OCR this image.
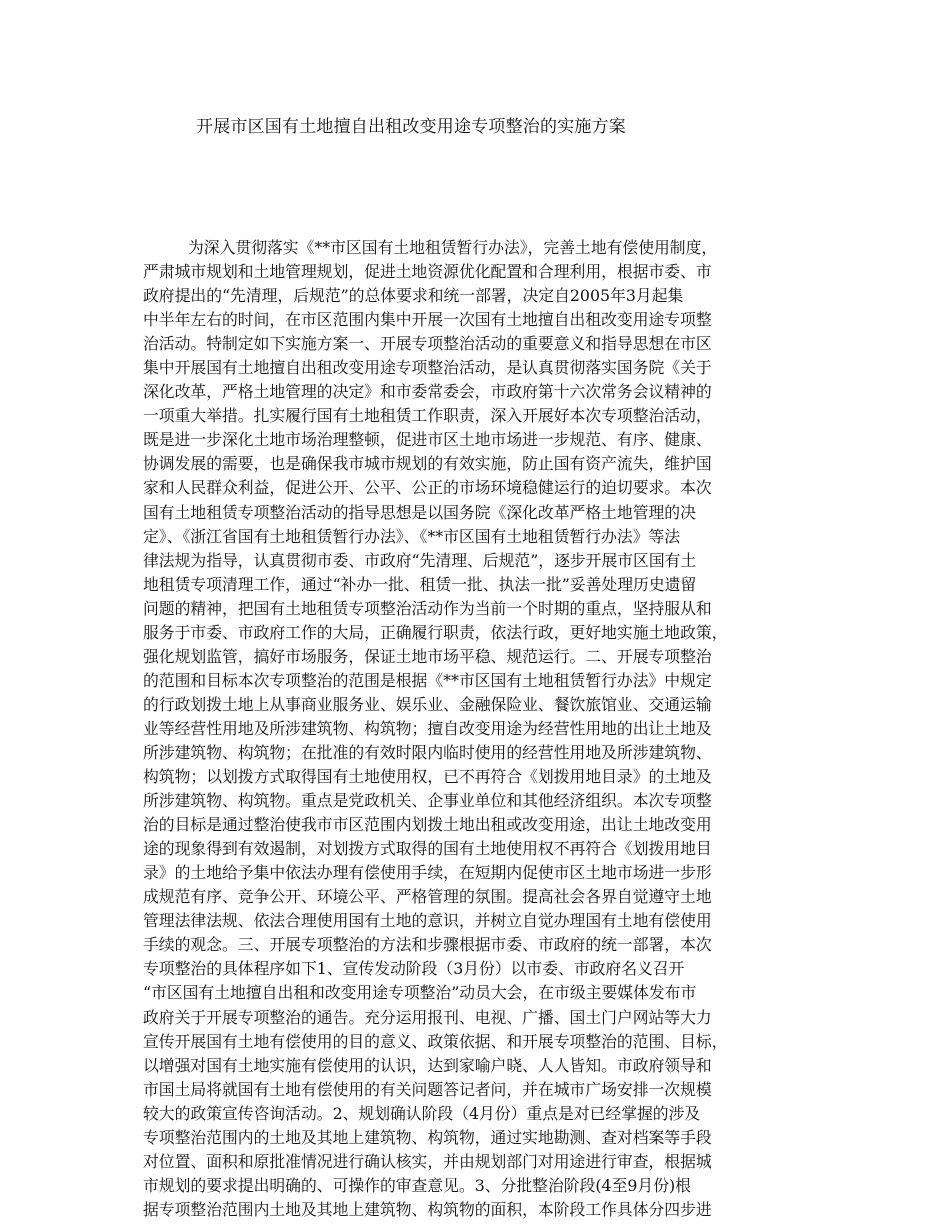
开展市区国有土地擅自出租改变用途专项整治的实施方案
为深入贯彻落实《**市区国有土地租赁暂行办法》，完善土地有偿使用制度，
严肃城市规划和土地管理规划，促进土地资源优化配置和合理利用，根据市委、市
政府提出的“先清理，后规范”的总体要求和统一部署，决定自2005年3月起集
中半年左右的时间，在市区范围内集中开展一次国有土地擅自出租改变用途专项整
治活动。特制定如下实施方案一、开展专项整治活动的重要意义和指导思想在市区
集中开展国有土地擅自出租改变用途专项整治活动，是认真贯彻落实国务院《关于
深化改革，严格土地管理的决定》和市委常委会，市政府第十六次常务会议精神的
一项重大举措。扎实履行国有土地租赁工作职责，深入开展好本次专项整治活动，
既是进一步深化土地市场治理整顿，促进市区土地市场进一步规范、有序、健康、
协调发展的需要，也是确保我市城市规划的有效实施，防止国有资产流失，维护国
家和人民群众利益，促进公开、公平、公正的市场环境稳健运行的迫切要求。本次
国有土地租赁专项整治活动的指导思想是以国务院《深化改革严格土地管理的决
定》、《浙江省国有土地租赁暂行办法》、《**市区国有土地租赁暂行办法》等法
律法规为指导，认真贯彻市委、市政府“先清理、后规范”，逐步开展市区国有土
地租赁专项清理工作，通过“补办一批、租赁一批、执法一批”妥善处理历史遗留
问题的精神，把国有土地租赁专项整治活动作为当前一个时期的重点，坚持服从和
服务于市委、市政府工作的大局，正确履行职责，依法行政，更好地实施土地政策，
强化规划监管，搞好市场服务，保证土地市场平稳、规范运行。二、开展专项整治
的范围和目标本次专项整治的范围是根据《**市区国有土地租赁暂行办法》中规定
的行政划拨土地上从事商业服务业、娱乐业、金融保险业、餐饮旅馆业、交通运输
业等经营性用地及所涉建筑物、构筑物；擅自改变用途为经营性用地的出让土地及
所涉建筑物、构筑物；在批准的有效时限内临时使用的经营性用地及所涉建筑物、
构筑物；以划拨方式取得国有土地使用权，已不再符合《划拨用地目录》的土地及
所涉建筑物、构筑物。重点是党政机关、企事业单位和其他经济组织。本次专项整
治的目标是通过整治使我市市区范围内划拨土地出租或改变用途，出让土地改变用
途的现象得到有效遏制，对划拨方式取得的国有土地使用权不再符合《划拨用地目
录》的土地给予集中依法办理有偿使用手续，在短期内促使市区土地市场进一步形
成规范有序、竞争公开、环境公平、严格管理的氛围。提高社会各界自觉遵守土地
管理法律法规、依法合理使用国有土地的意识，并树立自觉办理国有土地有偿使用
手续的观念。三、开展专项整治的方法和步骤根据市委、市政府的统一部署，本次
专项整治的具体程序如下1、宣传发动阶段（3月份）以市委、市政府名义召开
“市区国有土地擅自出租和改变用途专项整治”动员大会，在市级主要媒体发布市
政府关于开展专项整治的通告。充分运用报刊、电视、广播、国土门户网站等大力
宣传开展国有土地有偿使用的目的意义、政策依据、和开展专项整治的范围、目标，
以增强对国有土地实施有偿使用的认识，达到家喻户晓、人人皆知。市政府领导和
市国土局将就国有土地有偿使用的有关问题答记者问，并在城市广场安排一次规模
较大的政策宣传咨询活动。2、规划确认阶段（4月份）重点是对已经掌握的涉及
专项整治范围内的土地及其地上建筑物、构筑物，通过实地勘测、查对档案等手段
对位置、面积和原批准情况进行确认核实，并由规划部门对用途进行审查，根据城
市规划的要求提出明确的、可操作的审查意见。3、分批整治阶段(4至9月份)根
据专项整治范围内土地及其地上建筑物、构筑物的面积，本阶段工作具体分四步进
